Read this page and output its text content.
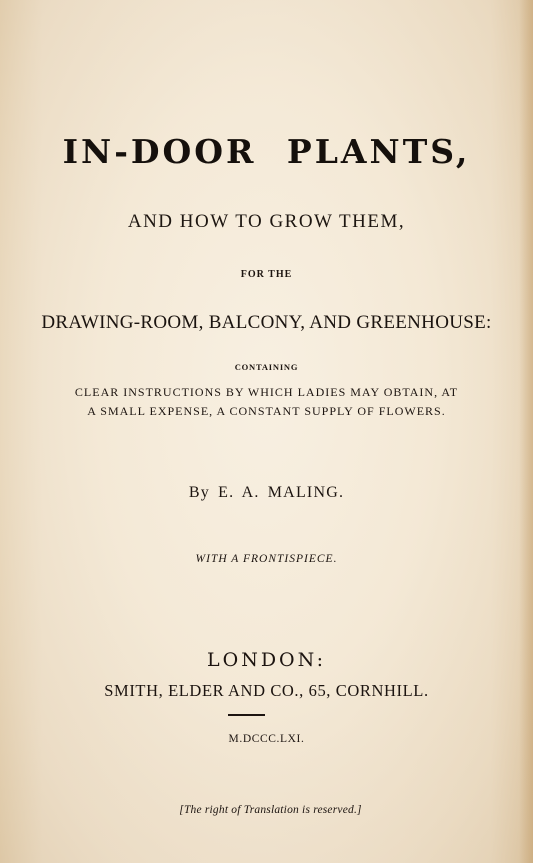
IN-DOOR PLANTS,

AND HOW TO GROW THEM,

FOR THE

DRAWING-ROOM, BALCONY, AND GREENHOUSE:

CONTAINING

CLEAR INSTRUCTIONS BY WHICH LADIES MAY OBTAIN, AT

A SMALL EXPENSE, A CONSTANT SUPPLY OF FLOWERS.

By E. A. MALING.

WITH A FRONTISPIECE.

LONDON:

SMITH, ELDER AND CO., 65, CORNHILL.

M.DCCC.LXI.

[The right of Translation is reserved.]
